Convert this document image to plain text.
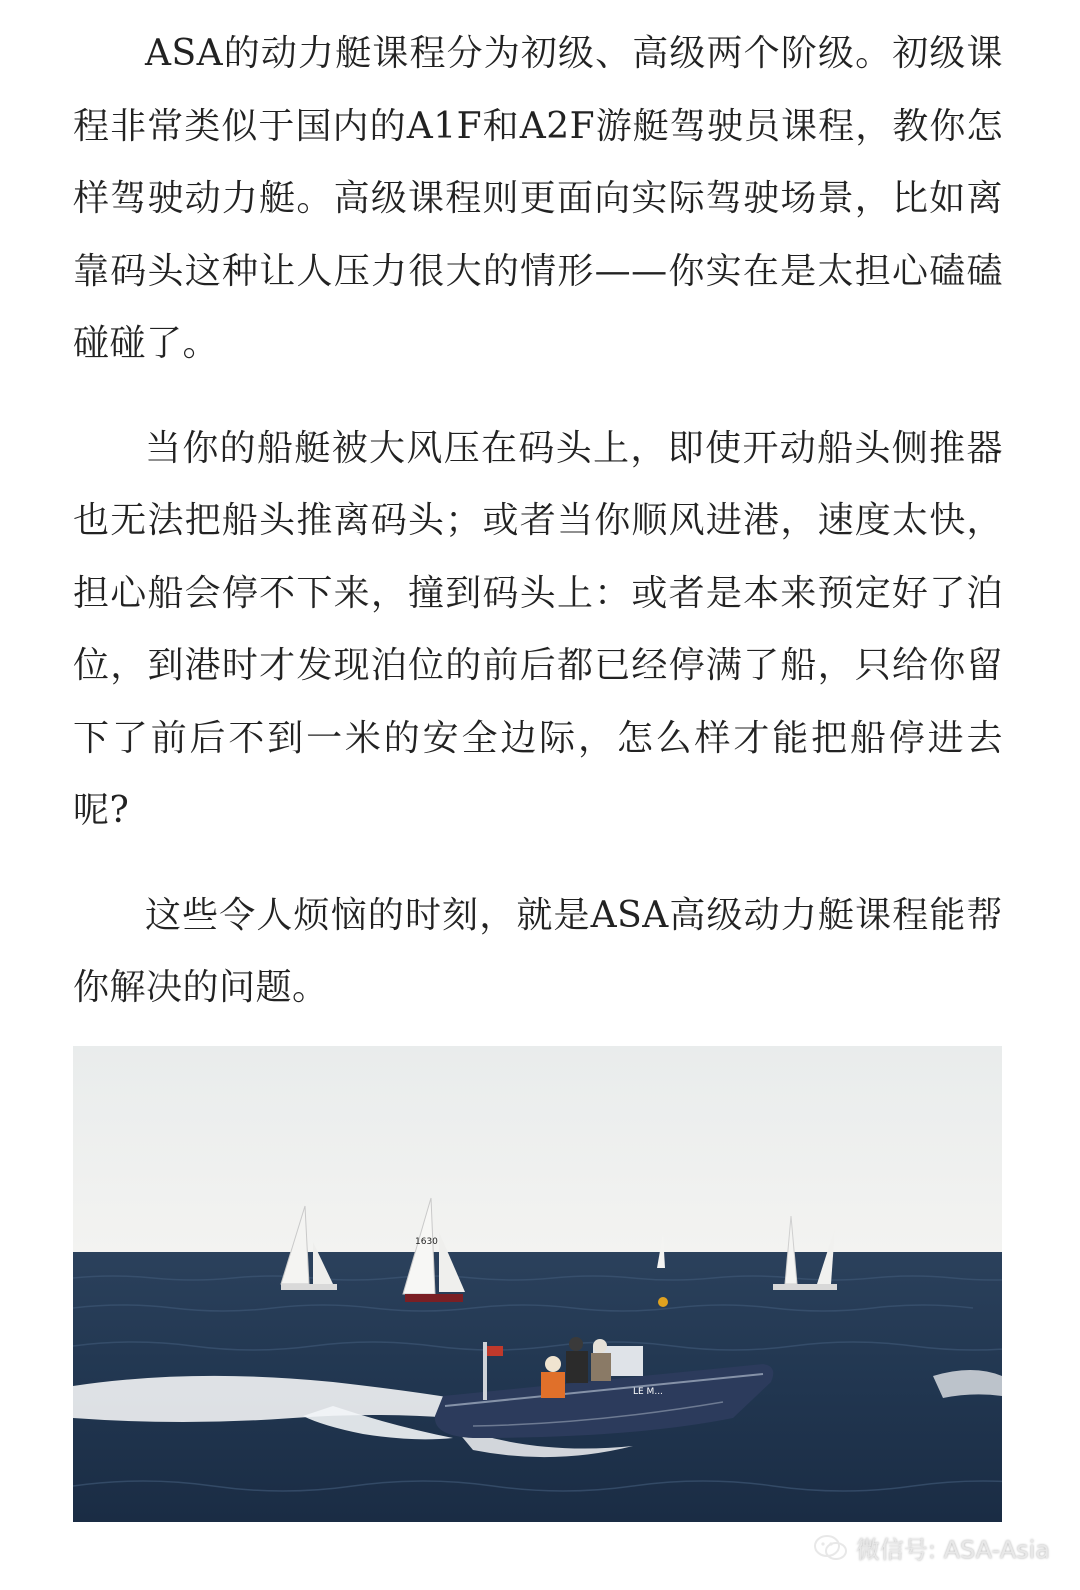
ASA的动力艇课程分为初级、高级两个阶级。初级课程非常类似于国内的A1F和A2F游艇驾驶员课程，教你怎样驾驶动力艇。高级课程则更面向实际驾驶场景，比如离靠码头这种让人压力很大的情形——你实在是太担心磕磕碰碰了。

当你的船艇被大风压在码头上，即使开动船头侧推器也无法把船头推离码头；或者当你顺风进港，速度太快，担心船会停不下来，撞到码头上：或者是本来预定好了泊位，到港时才发现泊位的前后都已经停满了船，只给你留下了前后不到一米的安全边际，怎么样才能把船停进去呢?

这些令人烦恼的时刻，就是ASA高级动力艇课程能帮你解决的问题。

1630
LE M...
微信号: ASA-Asia
